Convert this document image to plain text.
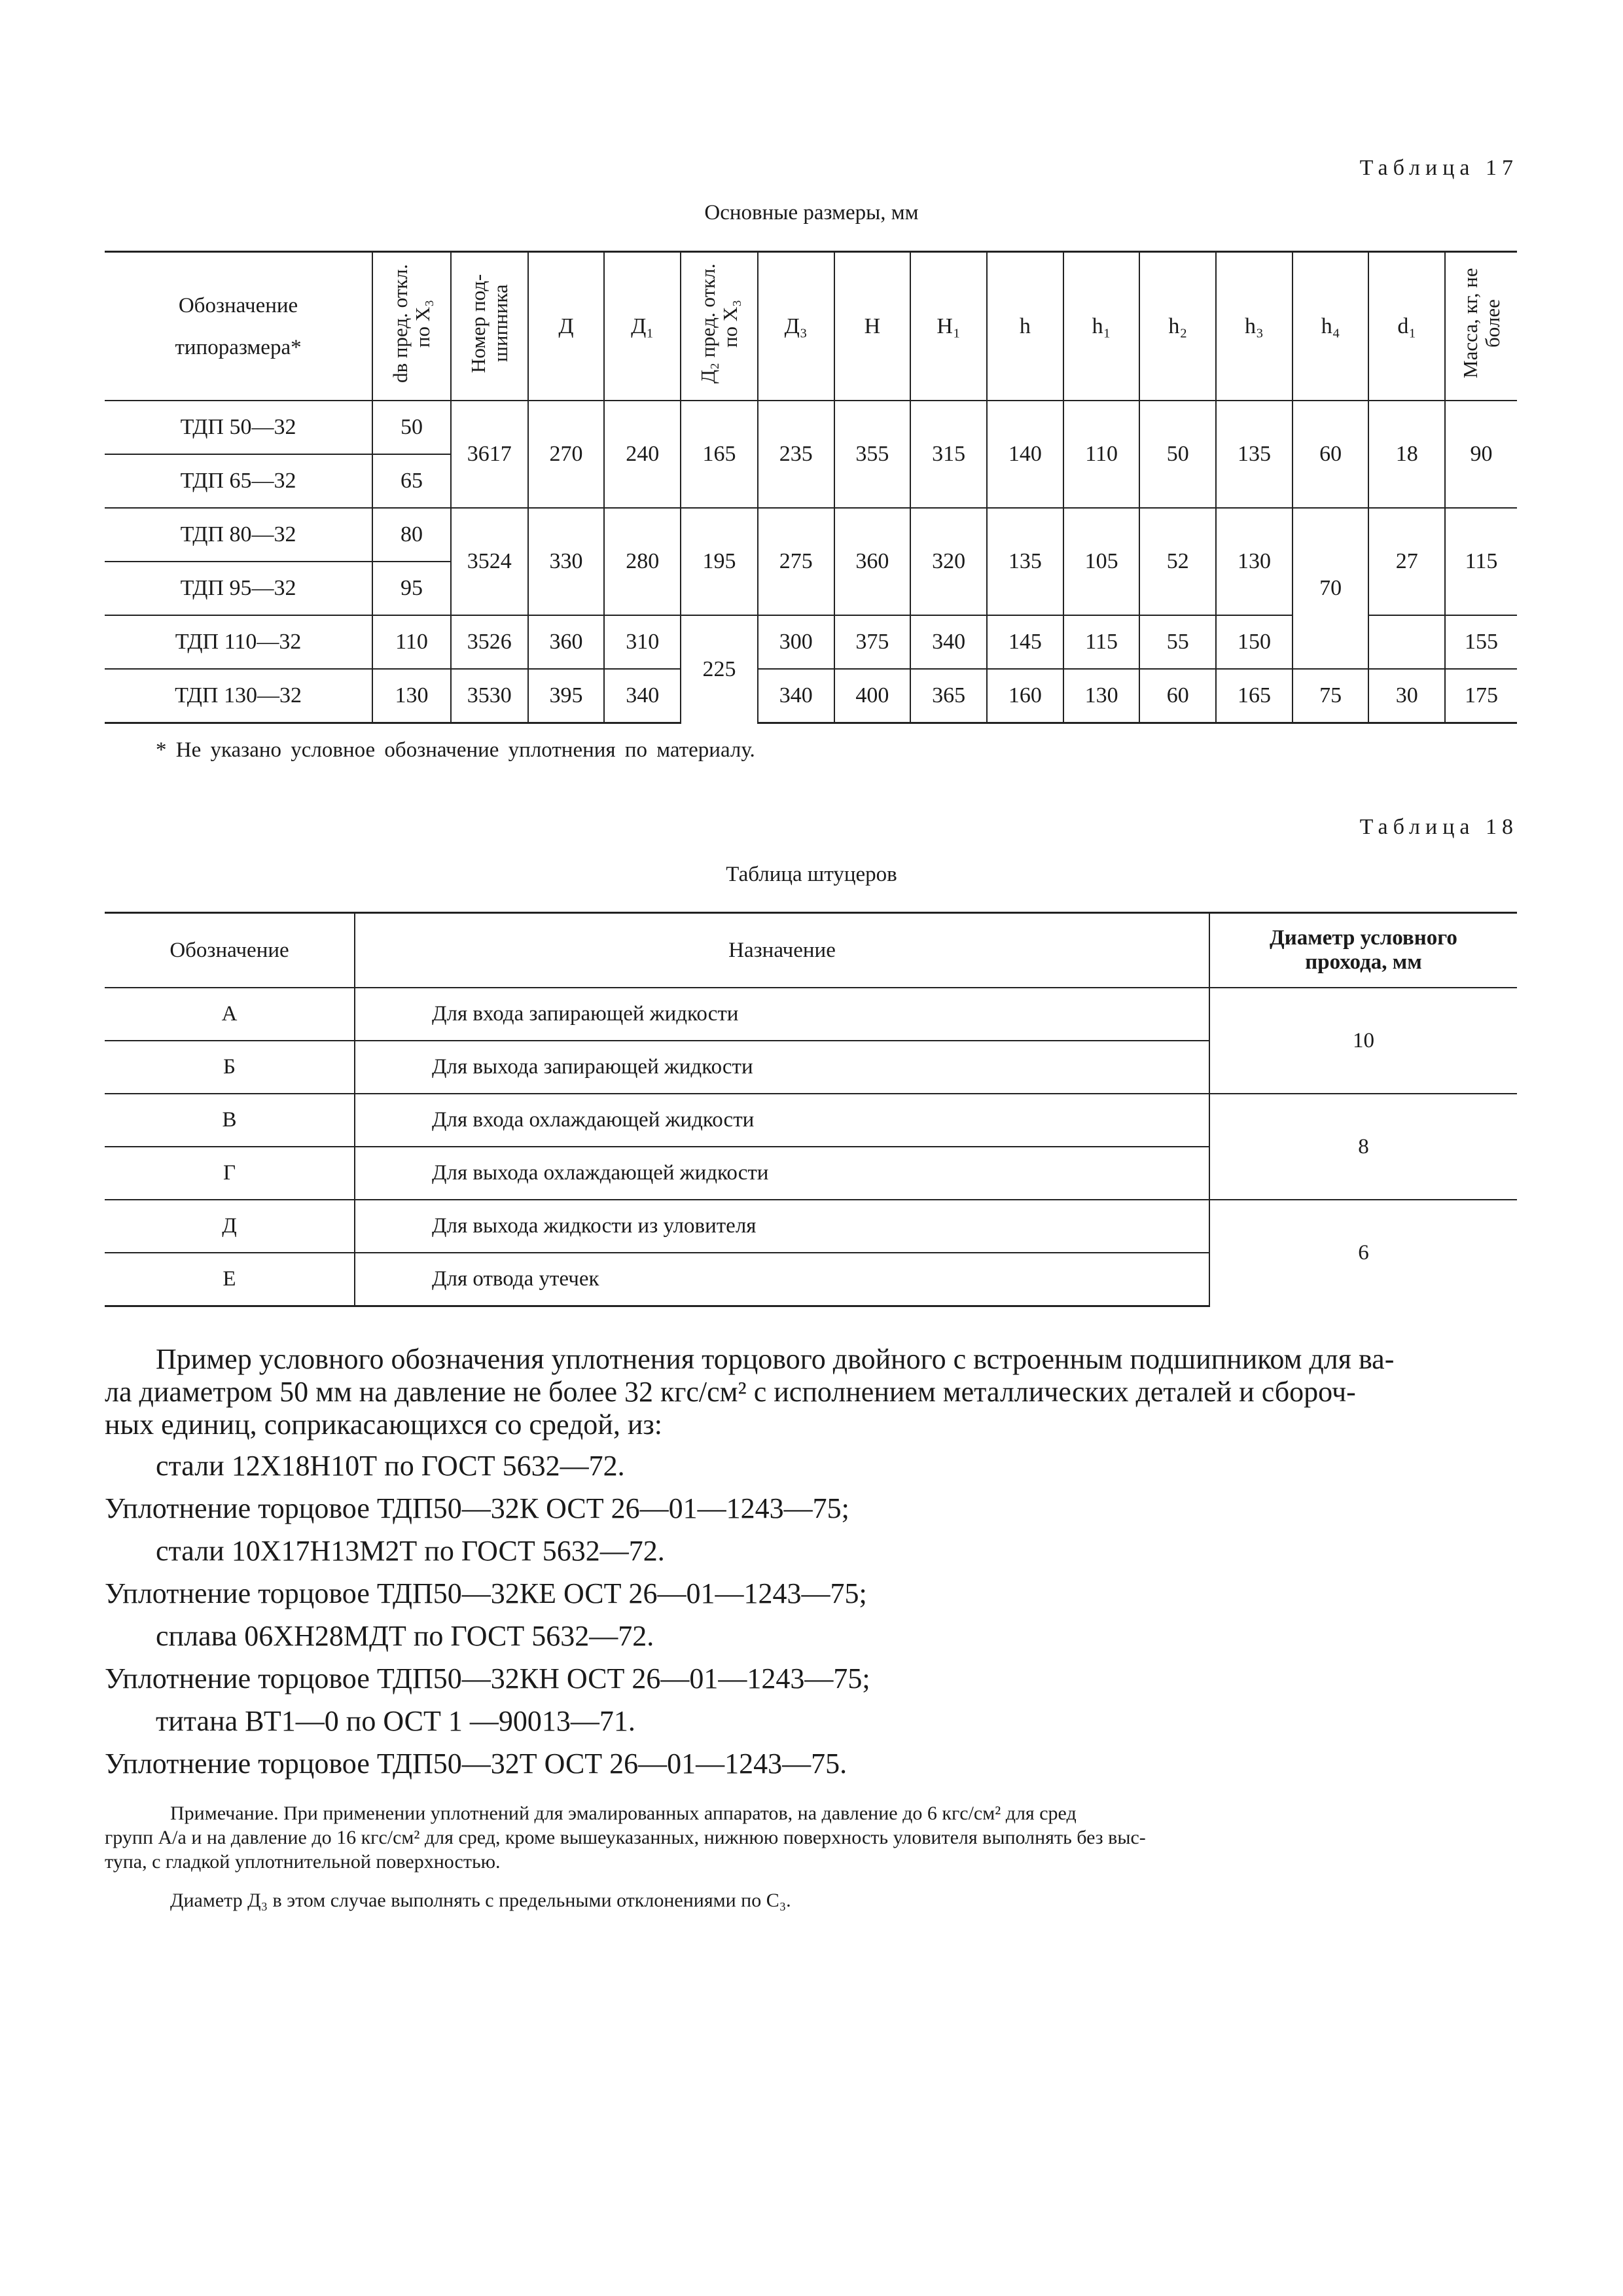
Таблица 17
Основные размеры, мм
Обозначение
типоразмера*	dв пред. откл. по X₃	Номер под- шипника	Д	Д₁	Д₂ пред. откл. по X₃	Д₃	H	H₁	h	h₁	h₂	h₃	h₄	d₁	Масса, кг, не более
ТДП 50—32	50	3617	270	240	165	235	355	315	140	110	50	135	60	18	90
ТДП 65—32	65														
ТДП 80—32	80	3524	330	280	195	275	360	320	135	105	52	130	70	27	115
ТДП 95—32	95														
ТДП 110—32	110	3526	360	310	225	300	375	340	145	115	55	150			155
ТДП 130—32	130	3530	395	340		340	400	365	160	130	60	165	75	30	175
* Не указано условное обозначение уплотнения по материалу.
Таблица 18
Таблица штуцеров
Обозначение	Назначение	Диаметр условного прохода, мм
А	Для входа запирающей жидкости	10
Б	Для выхода запирающей жидкости	
В	Для входа охлаждающей жидкости	8
Г	Для выхода охлаждающей жидкости	
Д	Для выхода жидкости из уловителя	6
Е	Для отвода утечек	
Пример условного обозначения уплотнения торцового двойного с встроенным подшипником для ва-
ла диаметром 50 мм на давление не более 32 кгс/см² с исполнением металлических деталей и сбороч-
ных единиц, соприкасающихся со средой, из:
стали 12Х18Н10Т по ГОСТ 5632—72.
Уплотнение торцовое ТДП50—32К ОСТ 26—01—1243—75;
стали 10Х17Н13М2Т по ГОСТ 5632—72.
Уплотнение торцовое ТДП50—32КЕ ОСТ 26—01—1243—75;
сплава 06ХН28МДТ по ГОСТ 5632—72.
Уплотнение торцовое ТДП50—32КН ОСТ 26—01—1243—75;
титана ВТ1—0 по ОСТ 1 —90013—71.
Уплотнение торцовое ТДП50—32Т ОСТ 26—01—1243—75.
Примечание. При применении уплотнений для эмалированных аппаратов, на давление до 6 кгс/см² для сред
групп А/а и на давление до 16 кгс/см² для сред, кроме вышеуказанных, нижнюю поверхность уловителя выполнять без выс-
тупа, с гладкой уплотнительной поверхностью.
Диаметр Д₃ в этом случае выполнять с предельными отклонениями по С₃.
